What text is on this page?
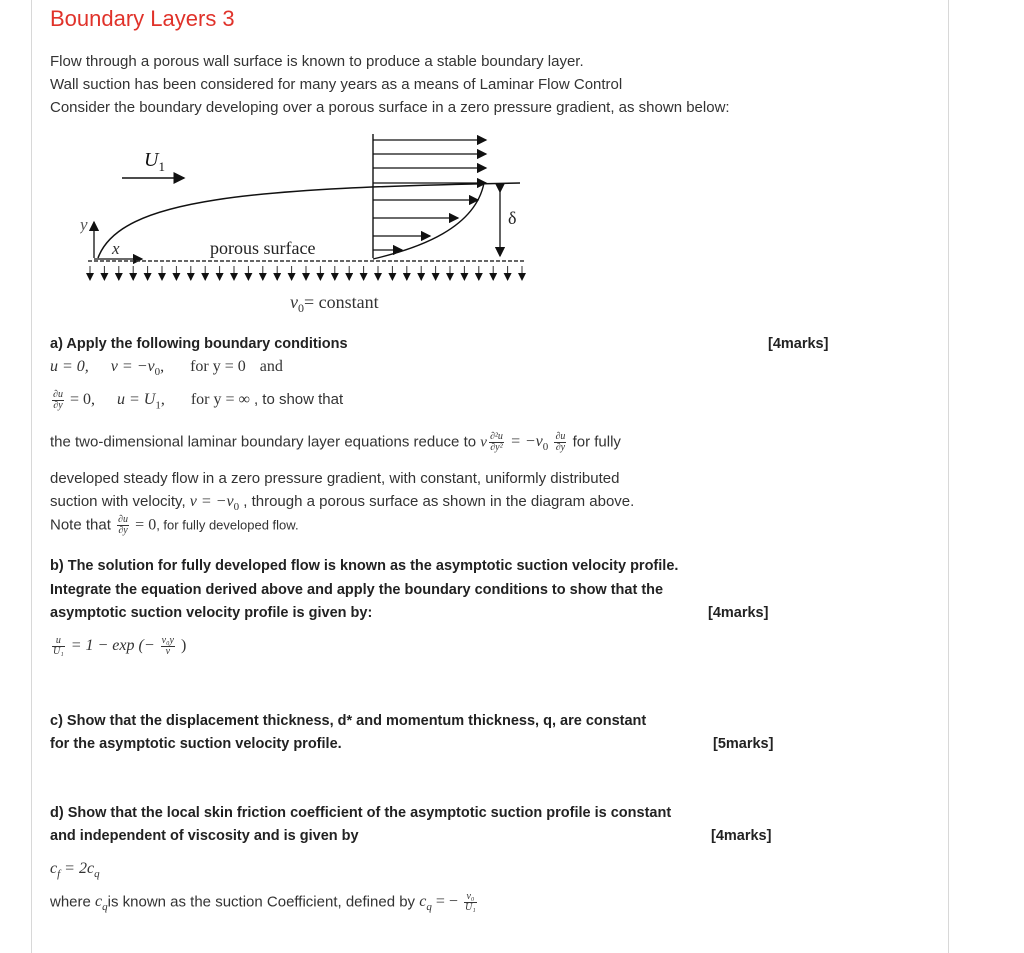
Boundary Layers 3
Flow through a porous wall surface is known to produce a stable boundary layer.
Wall suction has been considered for many years as a means of Laminar Flow Control
Consider the boundary developing over a porous surface in a zero pressure gradient, as shown below:
$U_1$
y
x	porous surface
δ
$v_0=$ constant
a) Apply the following boundary conditions	[4marks]
u = 0, $\nu = -\nu_0$, for y = 0 and
$\frac{\partial u}{\partial y} = 0$, $u = U_1$, for y = ∞ , to show that
the two-dimensional laminar boundary layer equations reduce to ν $\frac{\text{∂²u}}{\text{∂y²}} = -\nu_0 \frac{\partial u}{\partial y}$ for fully
developed steady flow in a zero pressure gradient, with constant, uniformly distributed
suction with velocity, $\nu = -\nu_0$ , through a porous surface as shown in the diagram above.
Note that $\frac{\partial u}{\partial y} = 0$, for fully developed flow.
b) The solution for fully developed flow is known as the asymptotic suction velocity profile.
Integrate the equation derived above and apply the boundary conditions to show that the
asymptotic suction velocity profile is given by:	[4marks]
$\frac{u}{\text{U₁}} = 1 - \exp$ (− $\frac{\text{ν₀y}}{\nu}$ )
c) Show that the displacement thickness, d* and momentum thickness, q, are constant
for the asymptotic suction velocity profile.	[5marks]
d) Show that the local skin friction coefficient of the asymptotic suction profile is constant
and independent of viscosity and is given by	[4marks]
$c_f = 2c_q$
where $c_qis$ known as the suction Coefficient, defined by $c_q$ = − $\frac{\text{ν₀}}{\text{U₁}}$
